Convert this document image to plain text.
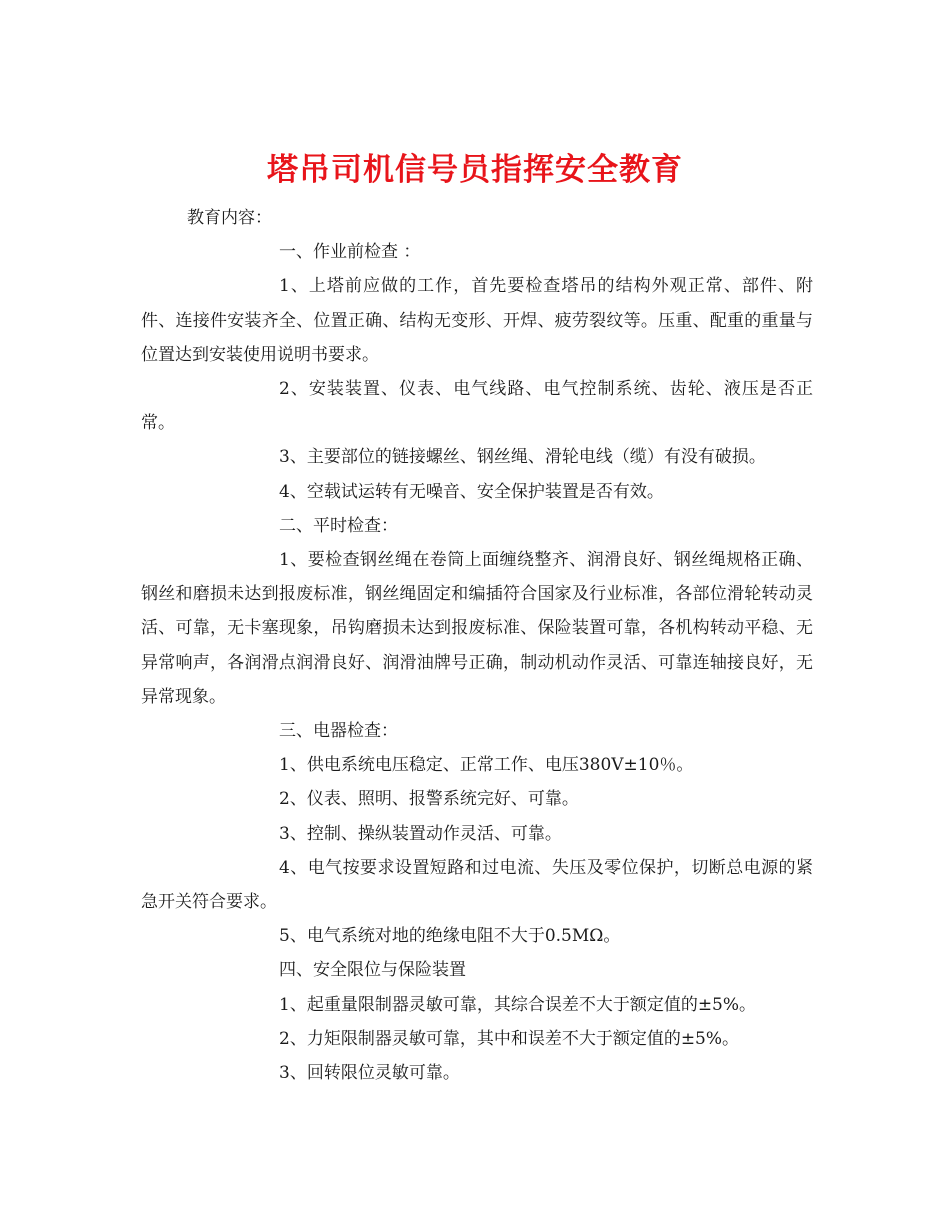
塔吊司机信号员指挥安全教育

教育内容：

一、作业前检查 ：

1、上塔前应做的工作，首先要检查塔吊的结构外观正常、部件、附件、连接件安装齐全、位置正确、结构无变形、开焊、疲劳裂纹等。压重、配重的重量与位置达到安装使用说明书要求。

2、安装装置、仪表、电气线路、电气控制系统、齿轮、液压是否正常。

3、主要部位的链接螺丝、钢丝绳、滑轮电线（缆）有没有破损。

4、空载试运转有无噪音、安全保护装置是否有效。

二、平时检查：

1、要检查钢丝绳在卷筒上面缠绕整齐、润滑良好、钢丝绳规格正确、钢丝和磨损未达到报废标准，钢丝绳固定和编插符合国家及行业标准，各部位滑轮转动灵活、可靠，无卡塞现象，吊钩磨损未达到报废标准、保险装置可靠，各机构转动平稳、无异常响声，各润滑点润滑良好、润滑油牌号正确，制动机动作灵活、可靠连轴接良好，无异常现象。

三、电器检查：

1、供电系统电压稳定、正常工作、电压380V±10％。

2、仪表、照明、报警系统完好、可靠。

3、控制、操纵装置动作灵活、可靠。

4、电气按要求设置短路和过电流、失压及零位保护，切断总电源的紧急开关符合要求。

5、电气系统对地的绝缘电阻不大于0.5MΩ。

四、安全限位与保险装置

1、起重量限制器灵敏可靠，其综合误差不大于额定值的±5%。

2、力矩限制器灵敏可靠，其中和误差不大于额定值的±5%。

3、回转限位灵敏可靠。
